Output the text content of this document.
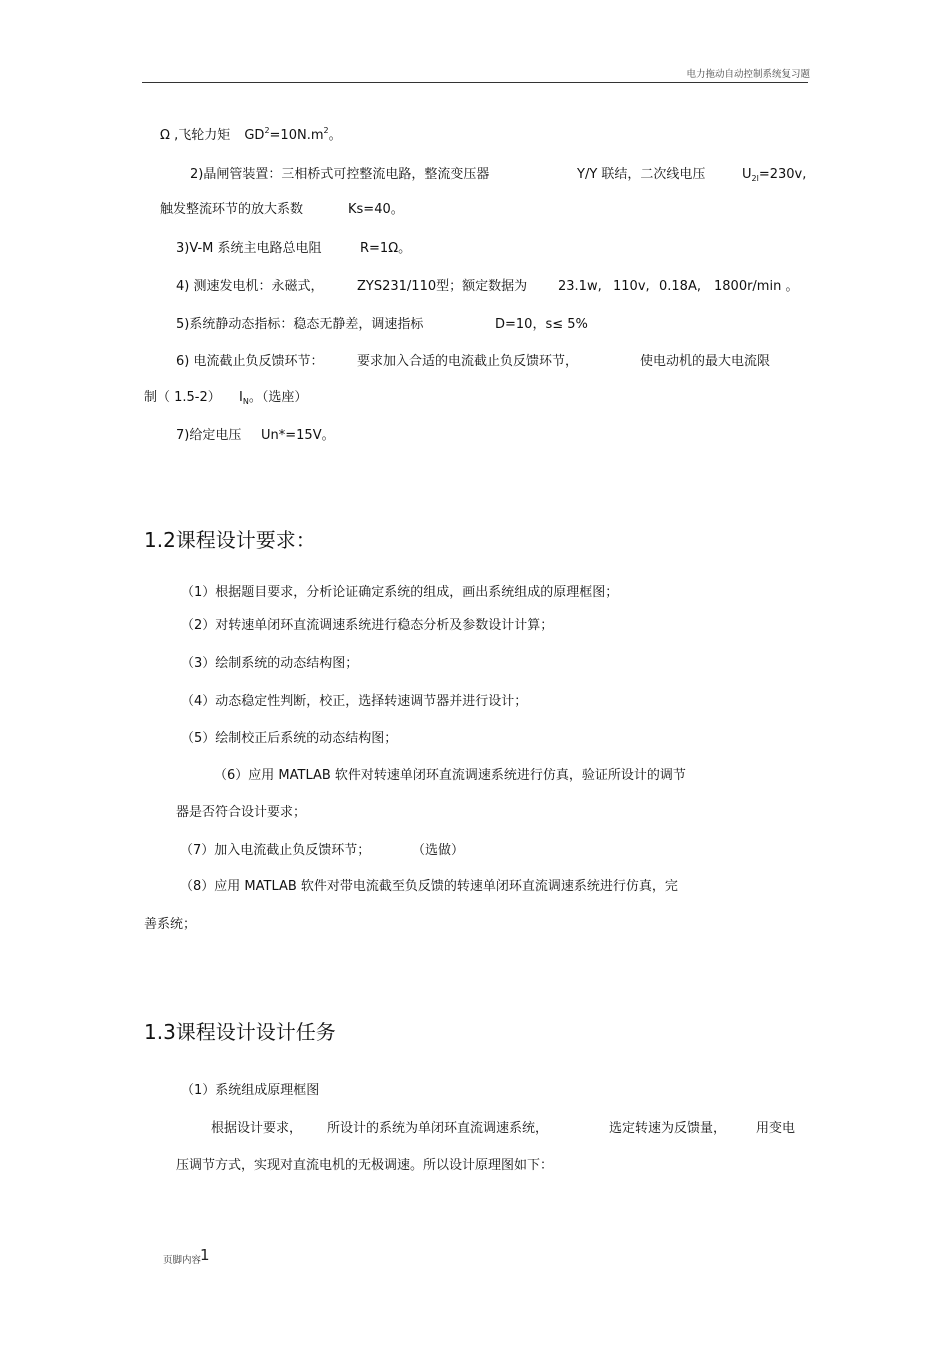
电力拖动自动控制系统复习题
Ω ,飞轮力矩 $GD^2=10N.m^2$。
2)晶闸管装置：三相桥式可控整流电路，整流变压器	Y/Y 联结，二次线电压	$U_{2l}=230v$,
触发整流环节的放大系数	Ks=40。
3)V-M 系统主电路总电阻	R=1Ω。
4) 测速发电机：永磁式，	ZYS231/110型；额定数据为 23.1w, 110v, 0.18A, 1800r/min 。
5)系统静动态指标：稳态无静差，调速指标	D=10，s≤ 5%
6) 电流截止负反馈环节：	要求加入合适的电流截止负反馈环节，	使电动机的最大电流限
制（ 1.5-2） $I_N$。（选座）
7)给定电压 Un*=15V。
1.2课程设计要求：
（1）根据题目要求，分析论证确定系统的组成，画出系统组成的原理框图；
（2）对转速单闭环直流调速系统进行稳态分析及参数设计计算；
（3）绘制系统的动态结构图；
（4）动态稳定性判断，校正，选择转速调节器并进行设计；
（5）绘制校正后系统的动态结构图；
（6）应用 MATLAB 软件对转速单闭环直流调速系统进行仿真，验证所设计的调节
器是否符合设计要求；
（7）加入电流截止负反馈环节；	（选做）
（8）应用 MATLAB 软件对带电流截至负反馈的转速单闭环直流调速系统进行仿真，完
善系统；
1.3课程设计设计任务
（1）系统组成原理框图
根据设计要求， 所设计的系统为单闭环直流调速系统，	选定转速为反馈量， 用变电
压调节方式，实现对直流电机的无极调速。所以设计原理图如下：
页脚内容
1
